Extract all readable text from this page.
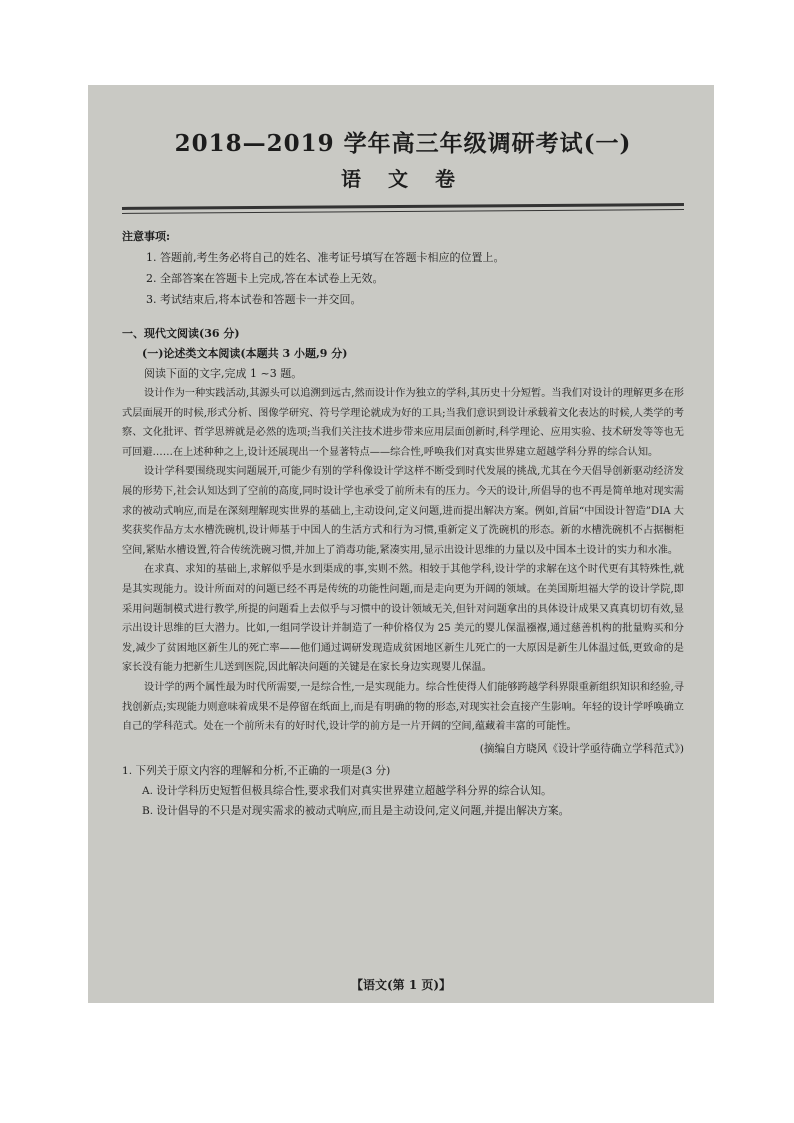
2018—2019 学年高三年级调研考试(一)
语 文 卷
注意事项:
1. 答题前,考生务必将自己的姓名、准考证号填写在答题卡相应的位置上。
2. 全部答案在答题卡上完成,答在本试卷上无效。
3. 考试结束后,将本试卷和答题卡一并交回。
一、现代文阅读(36 分)
(一)论述类文本阅读(本题共 3 小题,9 分)
阅读下面的文字,完成 1 ~3 题。

设计作为一种实践活动,其源头可以追溯到远古,然而设计作为独立的学科,其历史十分短暂。当我们对设计的理解更多在形式层面展开的时候,形式分析、图像学研究、符号学理论就成为好的工具;当我们意识到设计承载着文化表达的时候,人类学的考察、文化批评、哲学思辨就是必然的选项;当我们关注技术进步带来应用层面创新时,科学理论、应用实验、技术研发等等也无可回避……在上述种种之上,设计还展现出一个显著特点——综合性,呼唤我们对真实世界建立超越学科分界的综合认知。

设计学科要围绕现实问题展开,可能少有别的学科像设计学这样不断受到时代发展的挑战,尤其在今天倡导创新驱动经济发展的形势下,社会认知达到了空前的高度,同时设计学也承受了前所未有的压力。今天的设计,所倡导的也不再是简单地对现实需求的被动式响应,而是在深刻理解现实世界的基础上,主动设问,定义问题,进而提出解决方案。例如,首届“中国设计智造”DIA 大奖获奖作品方太水槽洗碗机,设计师基于中国人的生活方式和行为习惯,重新定义了洗碗机的形态。新的水槽洗碗机不占据橱柜空间,紧贴水槽设置,符合传统洗碗习惯,并加上了消毒功能,紧凑实用,显示出设计思维的力量以及中国本土设计的实力和水准。

在求真、求知的基础上,求解似乎是水到渠成的事,实则不然。相较于其他学科,设计学的求解在这个时代更有其特殊性,就是其实现能力。设计所面对的问题已经不再是传统的功能性问题,而是走向更为开阔的领域。在美国斯坦福大学的设计学院,即采用问题制模式进行教学,所提的问题看上去似乎与习惯中的设计领域无关,但针对问题拿出的具体设计成果又真真切切有效,显示出设计思维的巨大潜力。比如,一组同学设计并制造了一种价格仅为 25 美元的婴儿保温襁褓,通过慈善机构的批量购买和分发,减少了贫困地区新生儿的死亡率——他们通过调研发现造成贫困地区新生儿死亡的一大原因是新生儿体温过低,更致命的是家长没有能力把新生儿送到医院,因此解决问题的关键是在家长身边实现婴儿保温。

设计学的两个属性最为时代所需要,一是综合性,一是实现能力。综合性使得人们能够跨越学科界限重新组织知识和经验,寻找创新点;实现能力则意味着成果不是停留在纸面上,而是有明确的物的形态,对现实社会直接产生影响。年轻的设计学呼唤确立自己的学科范式。处在一个前所未有的好时代,设计学的前方是一片开阔的空间,蕴藏着丰富的可能性。

(摘编自方晓风《设计学亟待确立学科范式》)
1. 下列关于原文内容的理解和分析,不正确的一项是(3 分)
A. 设计学科历史短暂但极具综合性,要求我们对真实世界建立超越学科分界的综合认知。
B. 设计倡导的不只是对现实需求的被动式响应,而且是主动设问,定义问题,并提出解决方案。
【语文(第 1 页)】
